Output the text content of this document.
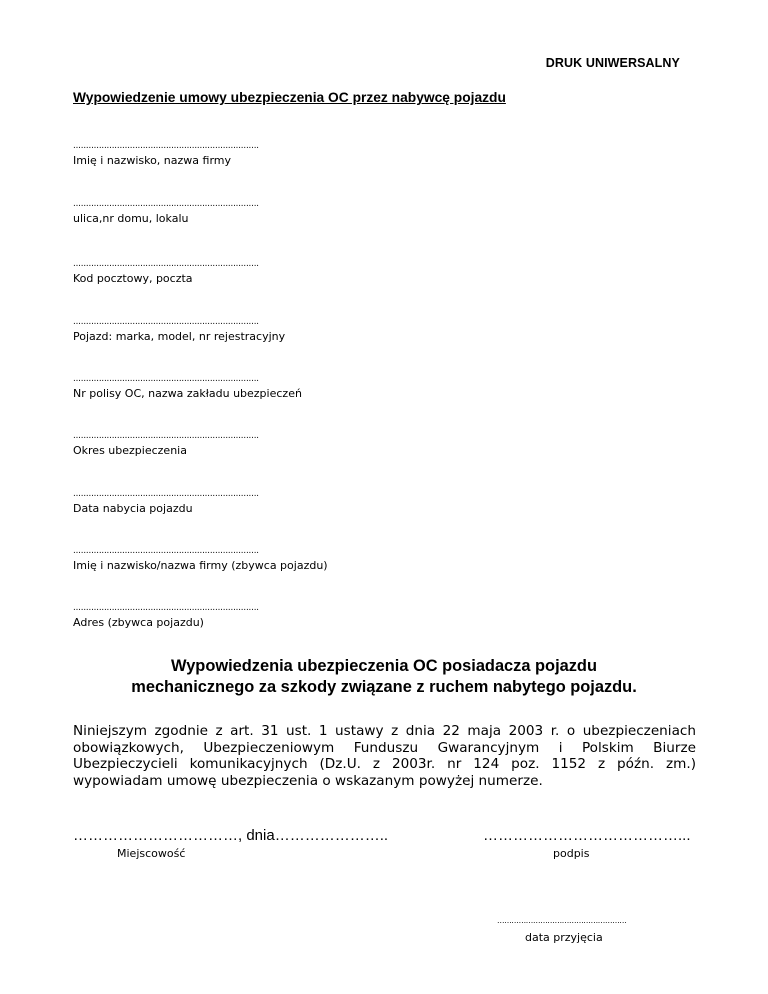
DRUK UNIWERSALNY
Wypowiedzenie umowy ubezpieczenia OC przez nabywcę pojazdu
........................................................................
Imię i nazwisko, nazwa firmy
........................................................................
ulica,nr domu, lokalu
........................................................................
Kod pocztowy, poczta
........................................................................
Pojazd: marka, model, nr rejestracyjny
........................................................................
Nr polisy OC, nazwa zakładu ubezpieczeń
........................................................................
Okres ubezpieczenia
........................................................................
Data nabycia pojazdu
........................................................................
Imię i nazwisko/nazwa firmy (zbywca pojazdu)
........................................................................
Adres (zbywca pojazdu)
Wypowiedzenia ubezpieczenia OC posiadacza pojazdu
mechanicznego za szkody związane z ruchem nabytego pojazdu.
Niniejszym zgodnie z art. 31 ust. 1 ustawy z dnia 22 maja 2003 r. o ubezpieczeniach obowiązkowych, Ubezpieczeniowym Funduszu Gwarancyjnym i Polskim Biurze Ubezpieczycieli komunikacyjnych (Dz.U. z 2003r. nr 124 poz. 1152 z późn. zm.) wypowiadam umowę ubezpieczenia o wskazanym powyżej numerze.
……………………………, dnia…………………..
Miejscowość
…………………………………...
podpis
………………………………………………
data przyjęcia
